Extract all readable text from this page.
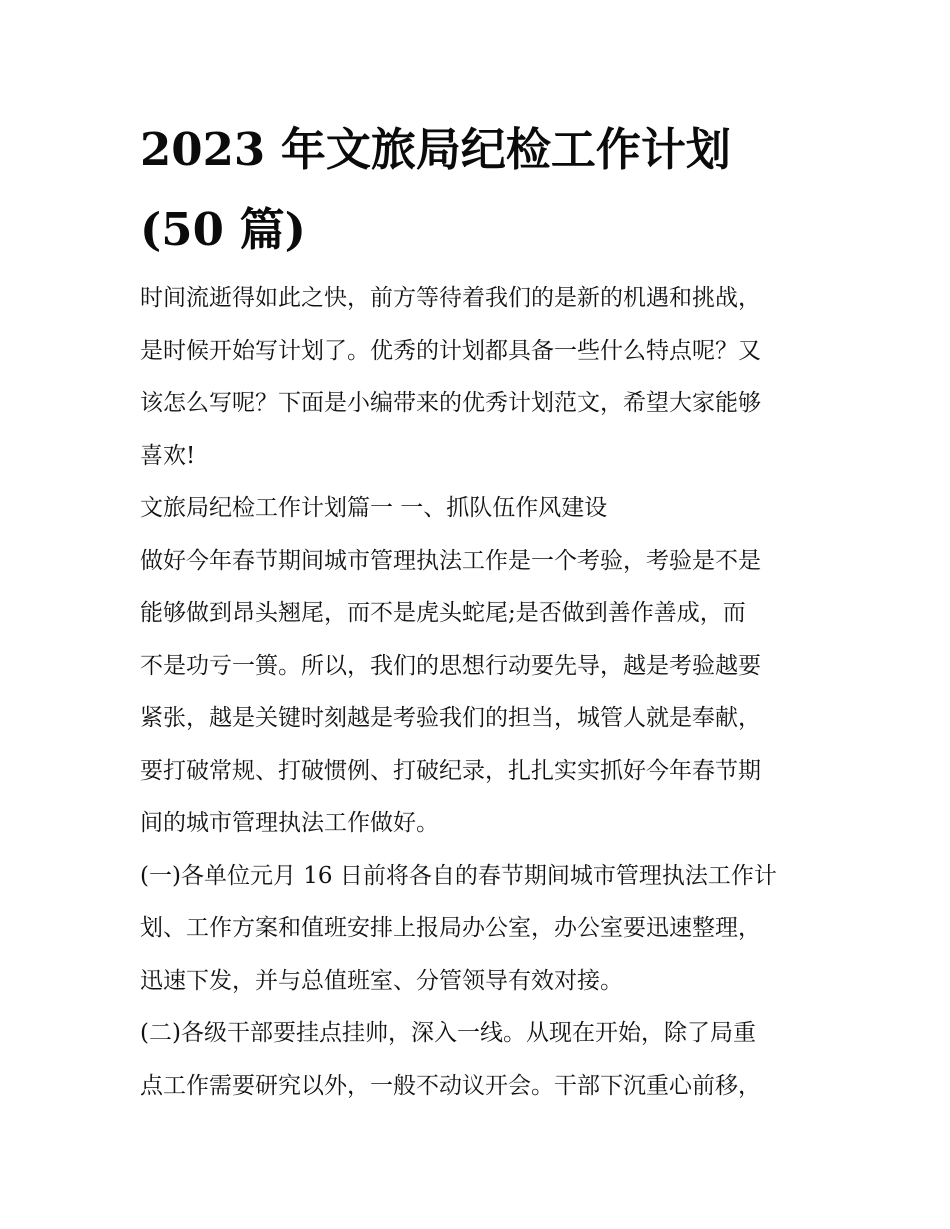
2023 年文旅局纪检工作计划
(50 篇)
时间流逝得如此之快，前方等待着我们的是新的机遇和挑战，
是时候开始写计划了。优秀的计划都具备一些什么特点呢？又
该怎么写呢？下面是小编带来的优秀计划范文，希望大家能够
喜欢!
文旅局纪检工作计划篇一 一、抓队伍作风建设
做好今年春节期间城市管理执法工作是一个考验，考验是不是
能够做到昂头翘尾，而不是虎头蛇尾;是否做到善作善成，而
不是功亏一篑。所以，我们的思想行动要先导，越是考验越要
紧张，越是关键时刻越是考验我们的担当，城管人就是奉献，
要打破常规、打破惯例、打破纪录，扎扎实实抓好今年春节期
间的城市管理执法工作做好。
(一)各单位元月 16 日前将各自的春节期间城市管理执法工作计
划、工作方案和值班安排上报局办公室，办公室要迅速整理，
迅速下发，并与总值班室、分管领导有效对接。
(二)各级干部要挂点挂帅，深入一线。从现在开始，除了局重
点工作需要研究以外，一般不动议开会。干部下沉重心前移，
